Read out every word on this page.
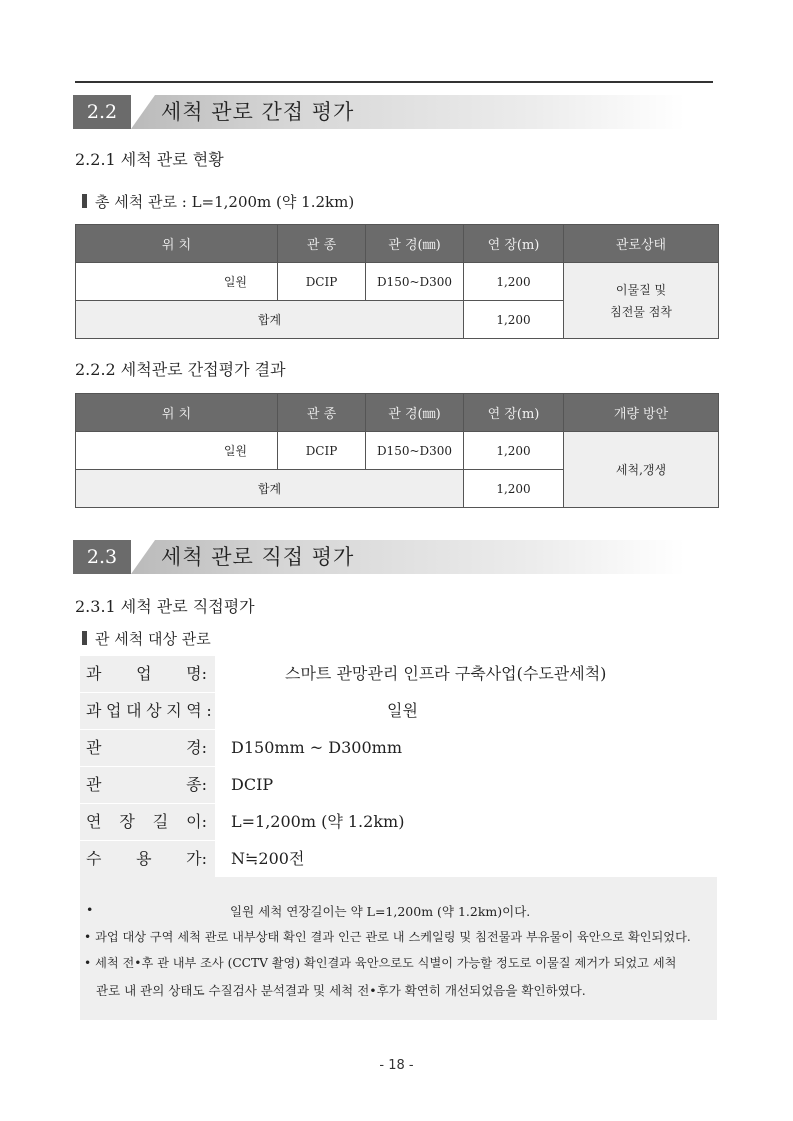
2.2	세척 관로 간접 평가
2.2.1 세척 관로 현황
총 세척 관로 : L=1,200m (약 1.2km)
위 치	관 종	관 경(㎜)	연 장(m)	관로상태
일원	DCIP	D150~D300	1,200	이물질 및
침전물 점착

합계			1,200	
2.2.2 세척관로 간접평가 결과
위 치	관 종	관 경(㎜)	연 장(m)	개량 방안
일원	DCIP	D150~D300	1,200	세척,갱생
합계			1,200	
2.3	세척 관로 직접 평가
2.3.1 세척 관로 직접평가
관 세척 대상 관로
과 업 명:	스마트 관망관리 인프라 구축사업(수도관세척)
과업대상지역:	일원
관	경: D150mm ~ D300mm
관	종: DCIP
연 장 길 이: L=1,200m (약 1.2km)
수 용 가: N≒200전
•	일원 세척 연장길이는 약 L=1,200m (약 1.2km)이다.
• 과업 대상 구역 세척 관로 내부상태 확인 결과 인근 관로 내 스케일링 및 침전물과 부유물이 육안으로 확인되었다.
• 세척 전•후 관 내부 조사 (CCTV 촬영) 확인결과 육안으로도 식별이 가능할 정도로 이물질 제거가 되었고 세척
관로 내 관의 상태도 수질검사 분석결과 및 세척 전•후가 확연히 개선되었음을 확인하였다.
- 18 -
